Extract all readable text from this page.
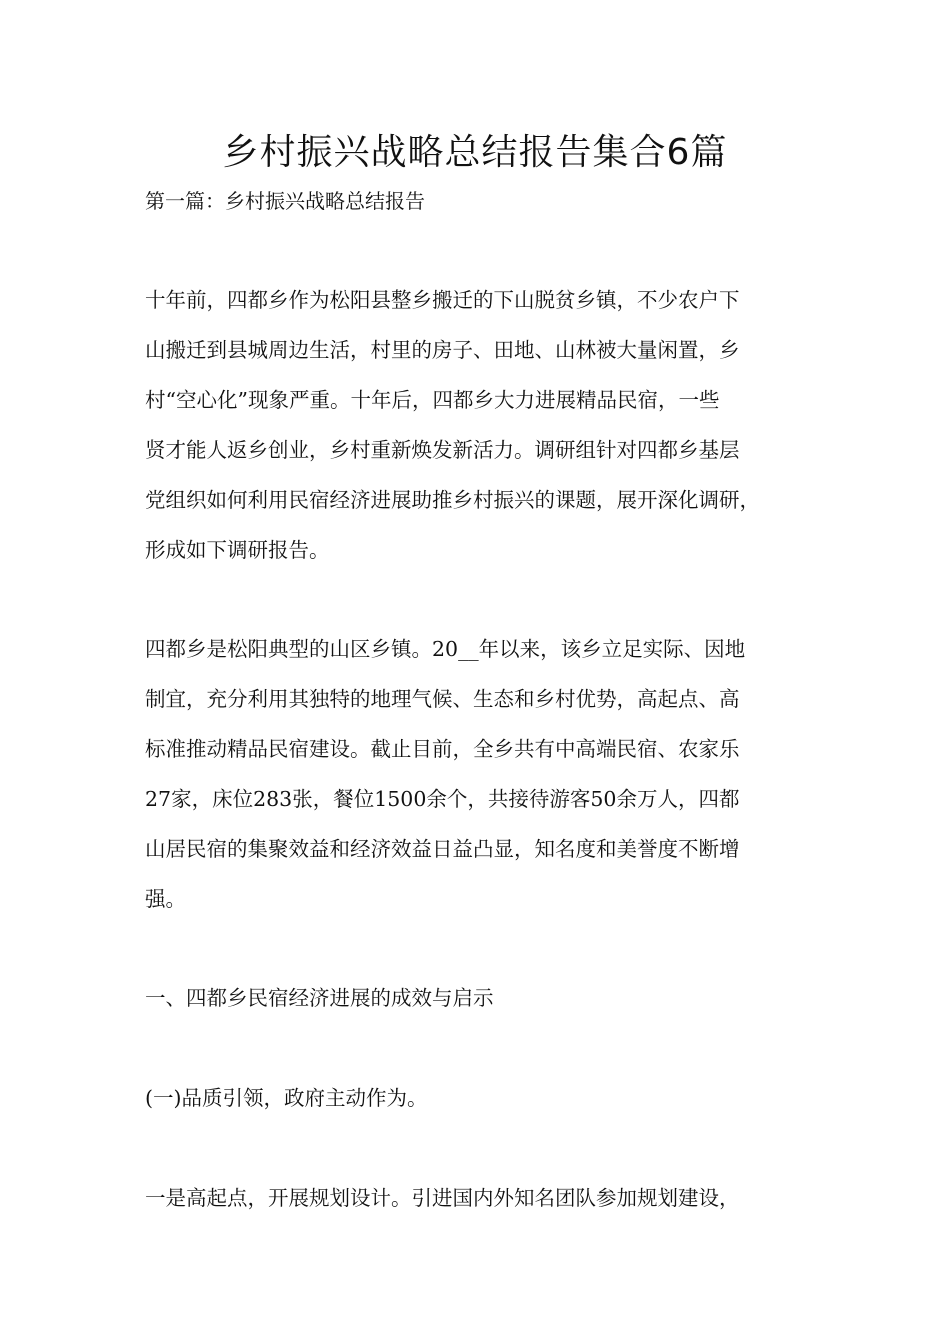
乡村振兴战略总结报告集合6篇
第一篇：乡村振兴战略总结报告
十年前，四都乡作为松阳县整乡搬迁的下山脱贫乡镇，不少农户下
山搬迁到县城周边生活，村里的房子、田地、山林被大量闲置，乡
村“空心化”现象严重。十年后，四都乡大力进展精品民宿，一些
贤才能人返乡创业，乡村重新焕发新活力。调研组针对四都乡基层
党组织如何利用民宿经济进展助推乡村振兴的课题，展开深化调研，
形成如下调研报告。
四都乡是松阳典型的山区乡镇。20__年以来，该乡立足实际、因地
制宜，充分利用其独特的地理气候、生态和乡村优势，高起点、高
标准推动精品民宿建设。截止目前，全乡共有中高端民宿、农家乐
27家，床位283张，餐位1500余个，共接待游客50余万人，四都
山居民宿的集聚效益和经济效益日益凸显，知名度和美誉度不断增
强。
一、四都乡民宿经济进展的成效与启示
(一)品质引领，政府主动作为。
一是高起点，开展规划设计。引进国内外知名团队参加规划建设，
